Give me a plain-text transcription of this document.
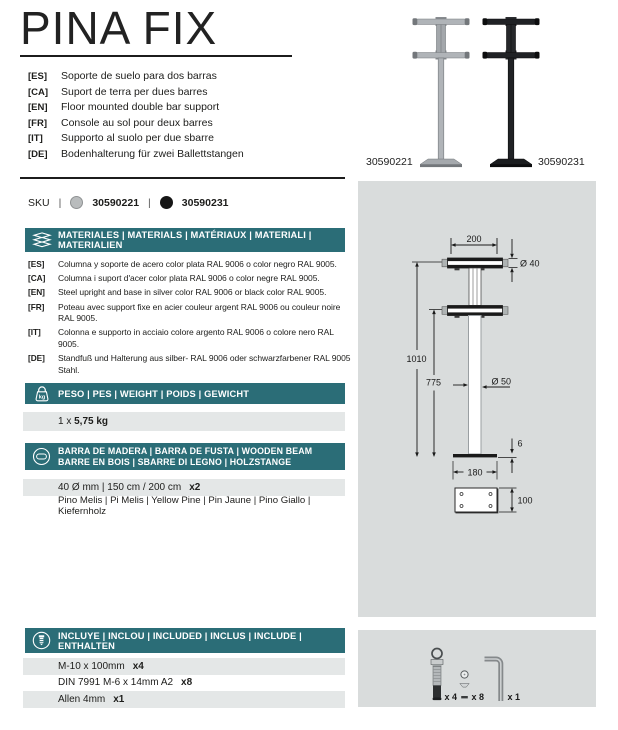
PINA FIX
[ES]	Soporte de suelo para dos barras
[CA]	Suport de terra per dues barres
[EN]	Floor mounted double bar support
[FR]	Console au sol pour deux barres
[IT]	Supporto al suolo per due sbarre
[DE]	Bodenhalterung für zwei Ballettstangen
SKU |	30590221 |	30590231
30590221	30590231
MATERIALES | MATERIALS | MATÉRIAUX | MATERIALI | MATERIALIEN
[ES]	Columna y soporte de acero color plata RAL 9006 o color negro RAL 9005.
[CA]	Columna i suport d'acer color plata RAL 9006 o color negre RAL 9005.
[EN]	Steel upright and base in silver color RAL 9006 or black color RAL 9005.
[FR]	Poteau avec support fixe en acier couleur argent RAL 9006 ou couleur noire
RAL 9005.
[IT]	Colonna e supporto in acciaio colore argento RAL 9006 o colore nero RAL
9005.
[DE]	Standfuß und Halterung aus silber- RAL 9006 oder schwarzfarbener RAL 9005
Stahl.
kg PESO | PES | WEIGHT | POIDS | GEWICHT
1 x
5,75 kg
BARRA DE MADERA | BARRA DE FUSTA | WOODEN BEAM
BARRE EN BOIS | SBARRE DI LEGNO | HOLZSTANGE
40 Ø mm | 150 cm / 200 cm x2
Pino Melis | Pi Melis | Yellow Pine | Pin Jaune | Pino Giallo | Kiefernholz
INCLUYE | INCLOU | INCLUDED | INCLUS | INCLUDE | ENTHALTEN
M-10 x 100mm x4
DIN 7991 M-6 x 14mm A2 x8
Allen 4mm x1
200
1010
775
Ø 40
Ø 50
6
180
100
x 4 x 8	x 1
